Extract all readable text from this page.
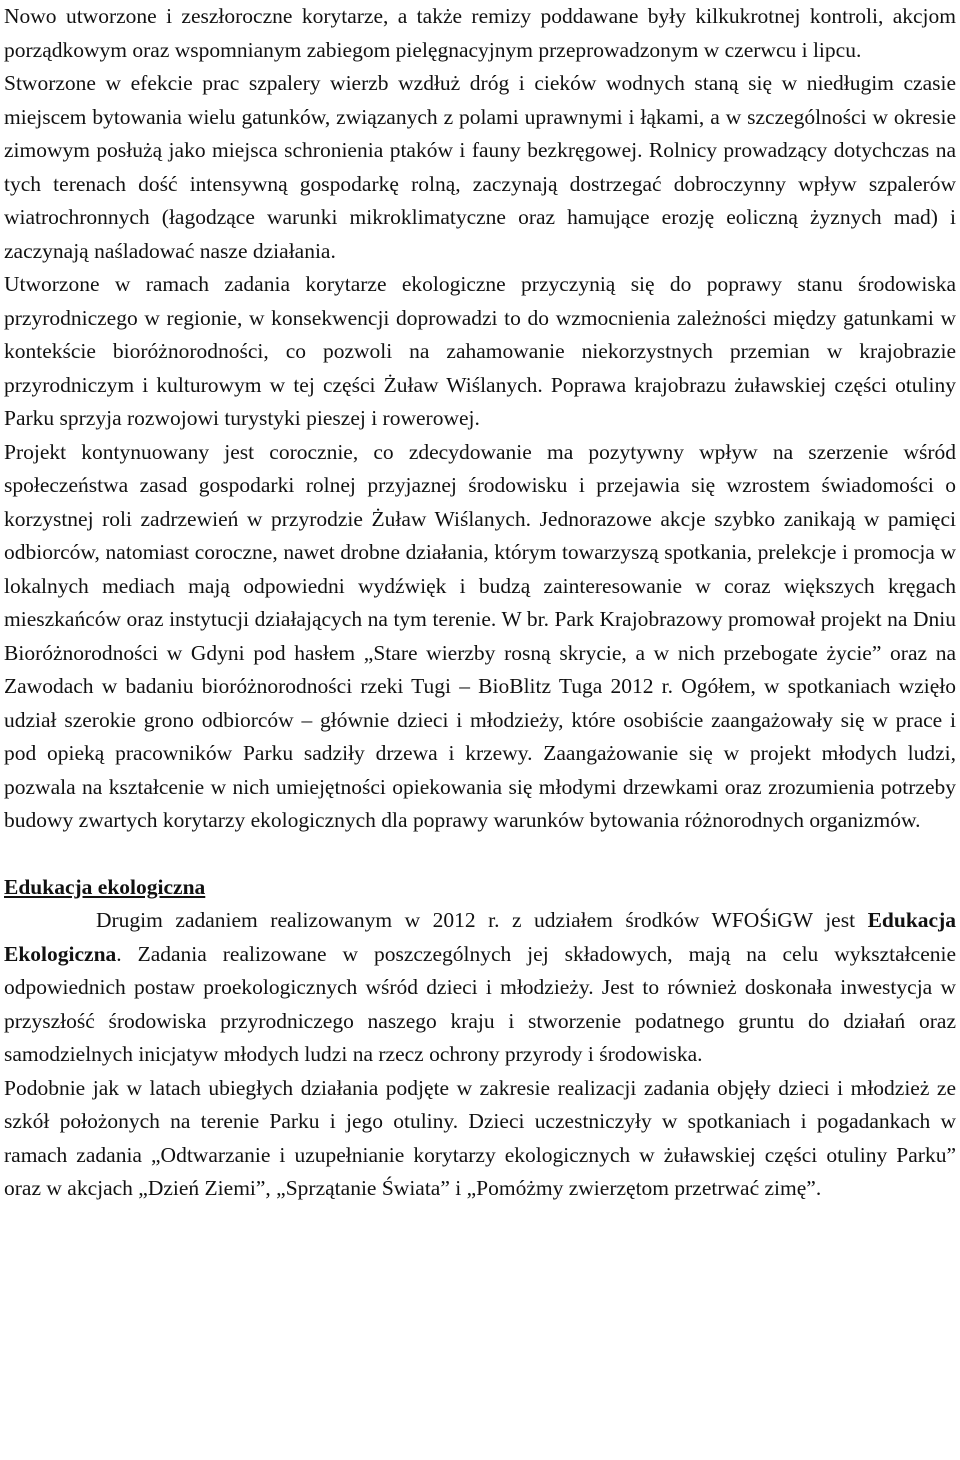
Nowo utworzone i zeszłoroczne korytarze, a także remizy poddawane były kilkukrotnej kontroli, akcjom porządkowym oraz wspomnianym zabiegom pielęgnacyjnym przeprowadzonym w czerwcu i lipcu.

Stworzone w efekcie prac szpalery wierzb wzdłuż dróg i cieków wodnych staną się w niedługim czasie miejscem bytowania wielu gatunków, związanych z polami uprawnymi i łąkami, a w szczególności w okresie zimowym posłużą jako miejsca schronienia ptaków i fauny bezkręgowej. Rolnicy prowadzący dotychczas na tych terenach dość intensywną gospodarkę rolną, zaczynają dostrzegać dobroczynny wpływ szpalerów wiatrochronnych (łagodzące warunki mikroklimatyczne oraz hamujące erozję eoliczną żyznych mad) i zaczynają naśladować nasze działania.

Utworzone w ramach zadania korytarze ekologiczne przyczynią się do poprawy stanu środowiska przyrodniczego w regionie, w konsekwencji doprowadzi to do wzmocnienia zależności między gatunkami w kontekście bioróżnorodności, co pozwoli na zahamowanie niekorzystnych przemian w krajobrazie przyrodniczym i kulturowym w tej części Żuław Wiślanych. Poprawa krajobrazu żuławskiej części otuliny Parku sprzyja rozwojowi turystyki pieszej i rowerowej.

Projekt kontynuowany jest corocznie, co zdecydowanie ma pozytywny wpływ na szerzenie wśród społeczeństwa zasad gospodarki rolnej przyjaznej środowisku i przejawia się wzrostem świadomości o korzystnej roli zadrzewień w przyrodzie Żuław Wiślanych. Jednorazowe akcje szybko zanikają w pamięci odbiorców, natomiast coroczne, nawet drobne działania, którym towarzyszą spotkania, prelekcje i promocja w lokalnych mediach mają odpowiedni wydźwięk i budzą zainteresowanie w coraz większych kręgach mieszkańców oraz instytucji działających na tym terenie. W br. Park Krajobrazowy promował projekt na Dniu Bioróżnorodności w Gdyni pod hasłem „Stare wierzby rosną skrycie, a w nich przebogate życie” oraz na Zawodach w badaniu bioróżnorodności rzeki Tugi – BioBlitz Tuga 2012 r. Ogółem, w spotkaniach wzięło udział szerokie grono odbiorców – głównie dzieci i młodzieży, które osobiście zaangażowały się w prace i pod opieką pracowników Parku sadziły drzewa i krzewy. Zaangażowanie się w projekt młodych ludzi, pozwala na kształcenie w nich umiejętności opiekowania się młodymi drzewkami oraz zrozumienia potrzeby budowy zwartych korytarzy ekologicznych dla poprawy warunków bytowania różnorodnych organizmów.

Edukacja ekologiczna

Drugim zadaniem realizowanym w 2012 r. z udziałem środków WFOŚiGW jest Edukacja Ekologiczna. Zadania realizowane w poszczególnych jej składowych, mają na celu wykształcenie odpowiednich postaw proekologicznych wśród dzieci i młodzieży. Jest to również doskonała inwestycja w przyszłość środowiska przyrodniczego naszego kraju i stworzenie podatnego gruntu do działań oraz samodzielnych inicjatyw młodych ludzi na rzecz ochrony przyrody i środowiska.

Podobnie jak w latach ubiegłych działania podjęte w zakresie realizacji zadania objęły dzieci i młodzież ze szkół położonych na terenie Parku i jego otuliny. Dzieci uczestniczyły w spotkaniach i pogadankach w ramach zadania „Odtwarzanie i uzupełnianie korytarzy ekologicznych w żuławskiej części otuliny Parku” oraz w akcjach „Dzień Ziemi”, „Sprzątanie Świata” i „Pomóżmy zwierzętom przetrwać zimę”.
